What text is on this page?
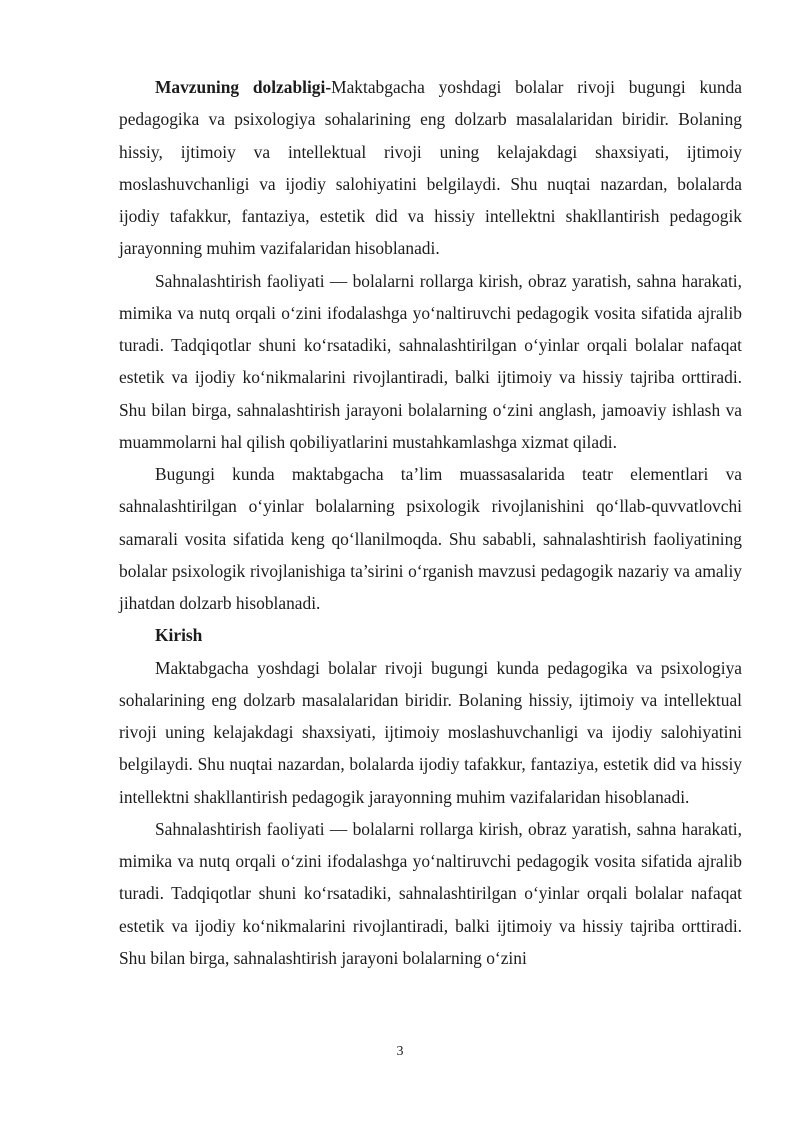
Mavzuning dolzabligi-Maktabgacha yoshdagi bolalar rivoji bugungi kunda pedagogika va psixologiya sohalarining eng dolzarb masalalaridan biridir. Bolaning hissiy, ijtimoiy va intellektual rivoji uning kelajakdagi shaxsiyati, ijtimoiy moslashuvchanligi va ijodiy salohiyatini belgilaydi. Shu nuqtai nazardan, bolalarda ijodiy tafakkur, fantaziya, estetik did va hissiy intellektni shakllantirish pedagogik jarayonning muhim vazifalaridan hisoblanadi.

Sahnalashtirish faoliyati — bolalarni rollarga kirish, obraz yaratish, sahna harakati, mimika va nutq orqali oʻzini ifodalashga yoʻnaltiruvchi pedagogik vosita sifatida ajralib turadi. Tadqiqotlar shuni koʻrsatadiki, sahnalashtirilgan oʻyinlar orqali bolalar nafaqat estetik va ijodiy koʻnikmalarini rivojlantiradi, balki ijtimoiy va hissiy tajriba orttiradi. Shu bilan birga, sahnalashtirish jarayoni bolalarning oʻzini anglash, jamoaviy ishlash va muammolarni hal qilish qobiliyatlarini mustahkamlashga xizmat qiladi.

Bugungi kunda maktabgacha ta’lim muassasalarida teatr elementlari va sahnalashtirilgan oʻyinlar bolalarning psixologik rivojlanishini qoʻllab-quvvatlovchi samarali vosita sifatida keng qoʻllanilmoqda. Shu sababli, sahnalashtirish faoliyatining bolalar psixologik rivojlanishiga ta’sirini oʻrganish mavzusi pedagogik nazariy va amaliy jihatdan dolzarb hisoblanadi.

Kirish

Maktabgacha yoshdagi bolalar rivoji bugungi kunda pedagogika va psixologiya sohalarining eng dolzarb masalalaridan biridir. Bolaning hissiy, ijtimoiy va intellektual rivoji uning kelajakdagi shaxsiyati, ijtimoiy moslashuvchanligi va ijodiy salohiyatini belgilaydi. Shu nuqtai nazardan, bolalarda ijodiy tafakkur, fantaziya, estetik did va hissiy intellektni shakllantirish pedagogik jarayonning muhim vazifalaridan hisoblanadi.

Sahnalashtirish faoliyati — bolalarni rollarga kirish, obraz yaratish, sahna harakati, mimika va nutq orqali oʻzini ifodalashga yoʻnaltiruvchi pedagogik vosita sifatida ajralib turadi. Tadqiqotlar shuni koʻrsatadiki, sahnalashtirilgan oʻyinlar orqali bolalar nafaqat estetik va ijodiy koʻnikmalarini rivojlantiradi, balki ijtimoiy va hissiy tajriba orttiradi. Shu bilan birga, sahnalashtirish jarayoni bolalarning oʻzini

3
